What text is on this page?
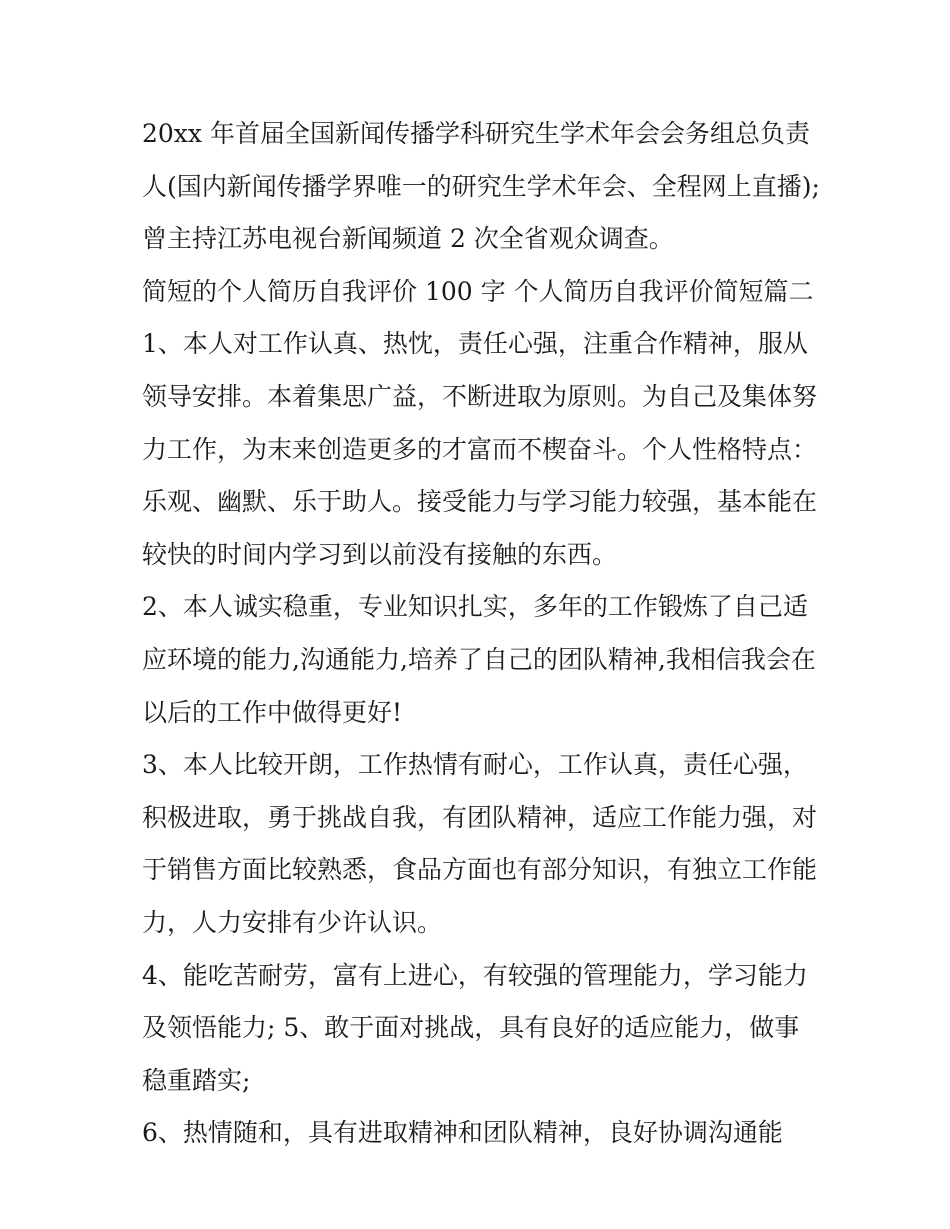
20xx 年首届全国新闻传播学科研究生学术年会会务组总负责人(国内新闻传播学界唯一的研究生学术年会、全程网上直播);曾主持江苏电视台新闻频道 2 次全省观众调查。

简短的个人简历自我评价 100 字 个人简历自我评价简短篇二

1、本人对工作认真、热忱，责任心强，注重合作精神，服从领导安排。本着集思广益，不断进取为原则。为自己及集体努力工作，为末来创造更多的才富而不楔奋斗。个人性格特点：乐观、幽默、乐于助人。接受能力与学习能力较强，基本能在较快的时间内学习到以前没有接触的东西。

2、本人诚实稳重，专业知识扎实，多年的工作锻炼了自己适应环境的能力,沟通能力,培养了自己的团队精神,我相信我会在以后的工作中做得更好!

3、本人比较开朗，工作热情有耐心，工作认真，责任心强，积极进取，勇于挑战自我，有团队精神，适应工作能力强，对于销售方面比较熟悉，食品方面也有部分知识，有独立工作能力，人力安排有少许认识。

4、能吃苦耐劳，富有上进心，有较强的管理能力，学习能力及领悟能力; 5、敢于面对挑战，具有良好的适应能力，做事稳重踏实;

6、热情随和，具有进取精神和团队精神，良好协调沟通能
